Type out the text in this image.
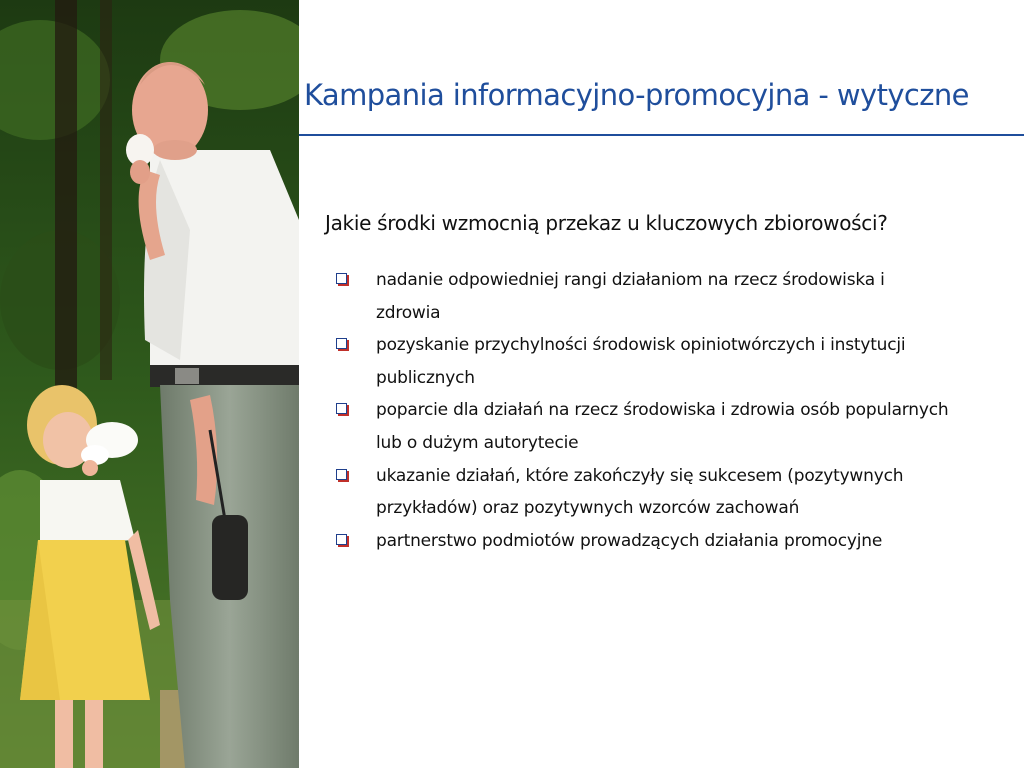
Kampania informacyjno-promocyjna - wytyczne
Jakie środki wzmocnią przekaz u kluczowych zbiorowości?
nadanie odpowiedniej rangi działaniom na rzecz środowiska i zdrowia
pozyskanie przychylności środowisk opiniotwórczych i instytucji publicznych
poparcie dla działań na rzecz środowiska i zdrowia osób popularnych lub o dużym autorytecie
ukazanie działań, które zakończyły się sukcesem (pozytywnych przykładów) oraz pozytywnych wzorców zachowań
partnerstwo podmiotów prowadzących działania promocyjne
